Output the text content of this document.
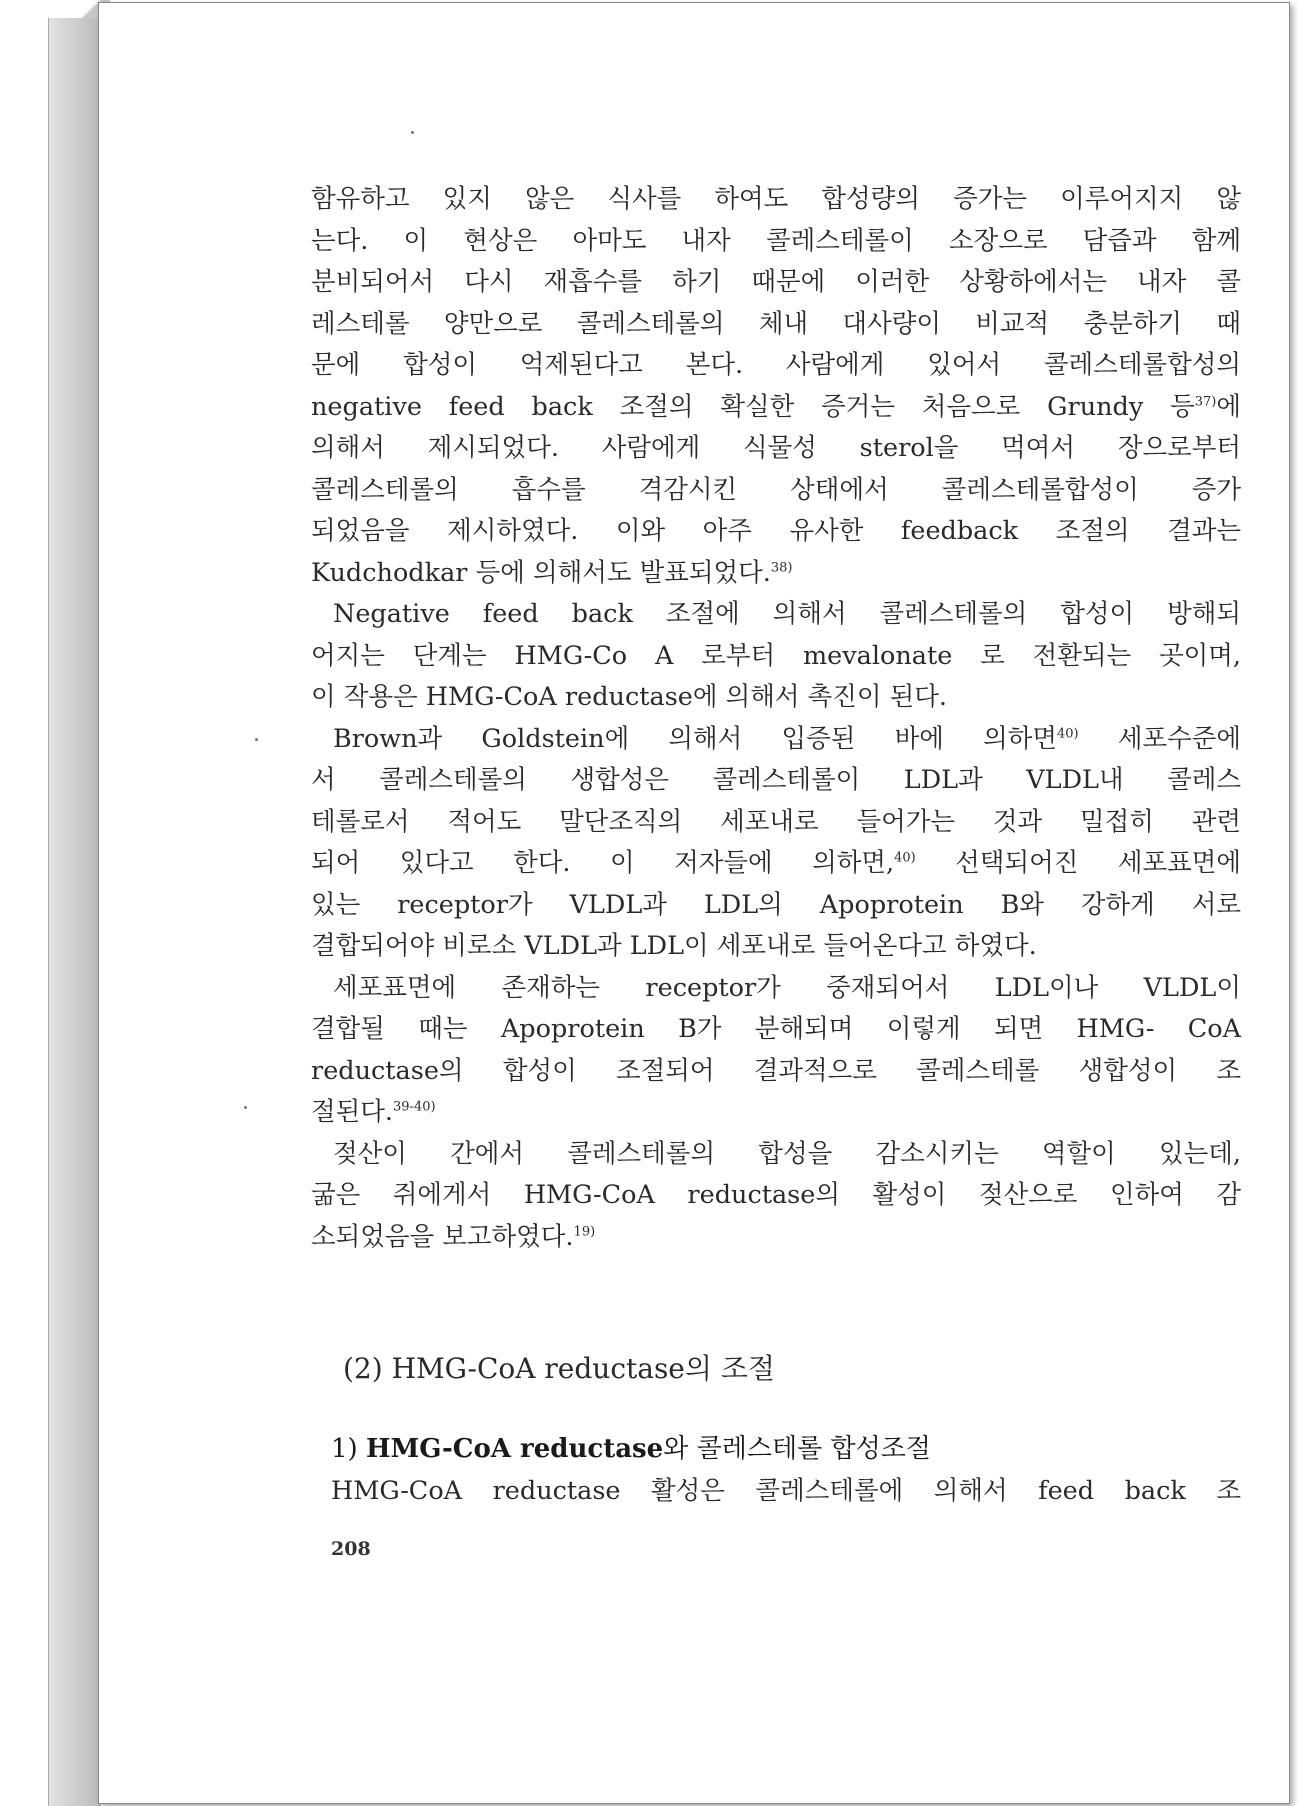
함유하고 있지 않은 식사를 하여도 합성량의 증가는 이루어지지 않
는다. 이 현상은 아마도 내자 콜레스테롤이 소장으로 담즙과 함께
분비되어서 다시 재흡수를 하기 때문에 이러한 상황하에서는 내자 콜
레스테롤 양만으로 콜레스테롤의 체내 대사량이 비교적 충분하기 때
문에 합성이 억제된다고 본다. 사람에게 있어서 콜레스테롤합성의
negative feed back 조절의 확실한 증거는 처음으로 Grundy 등$^{37)}$에
의해서 제시되었다. 사람에게 식물성 sterol을 먹여서 장으로부터
콜레스테롤의 흡수를 격감시킨 상태에서 콜레스테롤합성이 증가
되었음을 제시하였다. 이와 아주 유사한 feedback 조절의 결과는
Kudchodkar 등에 의해서도 발표되었다.$^{38)}$
Negative feed back 조절에 의해서 콜레스테롤의 합성이 방해되
어지는 단계는 HMG-Co A 로부터 mevalonate 로 전환되는 곳이며,
이 작용은 HMG-CoA reductase에 의해서 촉진이 된다.
Brown과 Goldstein에 의해서 입증된 바에 의하면$^{40)}$ 세포수준에
서 콜레스테롤의 생합성은 콜레스테롤이 LDL과 VLDL내 콜레스
테롤로서 적어도 말단조직의 세포내로 들어가는 것과 밀접히 관련
되어 있다고 한다. 이 저자들에 의하면,$^{40)}$ 선택되어진 세포표면에
있는 receptor가 VLDL과 LDL의 Apoprotein B와 강하게 서로
결합되어야 비로소 VLDL과 LDL이 세포내로 들어온다고 하였다.
세포표면에 존재하는 receptor가 중재되어서 LDL이나 VLDL이
결합될 때는 Apoprotein B가 분해되며 이렇게 되면 HMG- CoA
reductase의 합성이 조절되어 결과적으로 콜레스테롤 생합성이 조
절된다.$^{39-40)}$
젖산이 간에서 콜레스테롤의 합성을 감소시키는 역할이 있는데,
굶은 쥐에게서 HMG-CoA reductase의 활성이 젖산으로 인하여 감
소되었음을 보고하였다.$^{19)}$
(2) HMG-CoA reductase의 조절
1) HMG-CoA reductase와 콜레스테롤 합성조절
HMG-CoA reductase 활성은 콜레스테롤에 의해서 feed back 조
208
